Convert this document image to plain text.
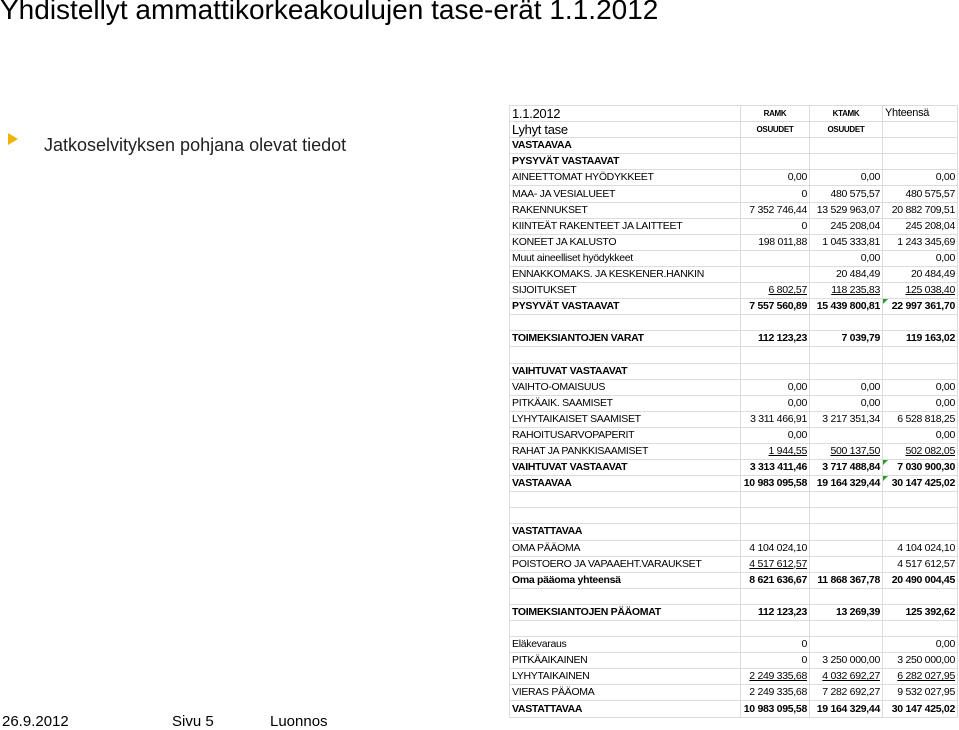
Yhdistellyt ammattikorkeakoulujen tase-erät 1.1.2012
Jatkoselvityksen pohjana olevat tiedot
1.1.2012	RAMK	KTAMK	Yhteensä
Lyhyt tase	OSUUDET	OSUUDET	
VASTAAVAA			
PYSYVÄT VASTAAVAT			
AINEETTOMAT HYÖDYKKEET	0,00	0,00	0,00
MAA- JA VESIALUEET	0	480 575,57	480 575,57
RAKENNUKSET	7 352 746,44	13 529 963,07	20 882 709,51
KIINTEÄT RAKENTEET JA LAITTEET	0	245 208,04	245 208,04
KONEET JA KALUSTO	198 011,88	1 045 333,81	1 243 345,69
Muut aineelliset hyödykkeet		0,00	0,00
ENNAKKOMAKS. JA KESKENER.HANKIN		20 484,49	20 484,49
SIJOITUKSET	6 802,57	118 235,83	125 038,40
PYSYVÄT VASTAAVAT	7 557 560,89	15 439 800,81	22 997 361,70

TOIMEKSIANTOJEN VARAT	112 123,23	7 039,79	119 163,02

VAIHTUVAT VASTAAVAT			
VAIHTO-OMAISUUS	0,00	0,00	0,00
PITKÄAIK. SAAMISET	0,00	0,00	0,00
LYHYTAIKAISET SAAMISET	3 311 466,91	3 217 351,34	6 528 818,25
RAHOITUSARVOPAPERIT	0,00		0,00
RAHAT JA PANKKISAAMISET	1 944,55	500 137,50	502 082,05
VAIHTUVAT VASTAAVAT	3 313 411,46	3 717 488,84	7 030 900,30

VASTAAVAA	10 983 095,58	19 164 329,44	30 147 425,02

VASTATTAVAA			
OMA PÄÄOMA	4 104 024,10		4 104 024,10
POISTOERO JA VAPAAEHT.VARAUKSET	4 517 612,57		4 517 612,57
Oma pääoma yhteensä	8 621 636,67	11 868 367,78	20 490 004,45

TOIMEKSIANTOJEN PÄÄOMAT	112 123,23	13 269,39	125 392,62

Eläkevaraus	0		0,00
PITKÄAIKAINEN	0	3 250 000,00	3 250 000,00
LYHYTAIKAINEN	2 249 335,68	4 032 692,27	6 282 027,95
VIERAS PÄÄOMA	2 249 335,68	7 282 692,27	9 532 027,95
VASTATTAVAA	10 983 095,58	19 164 329,44	30 147 425,02
26.9.2012	Sivu 5	Luonnos
